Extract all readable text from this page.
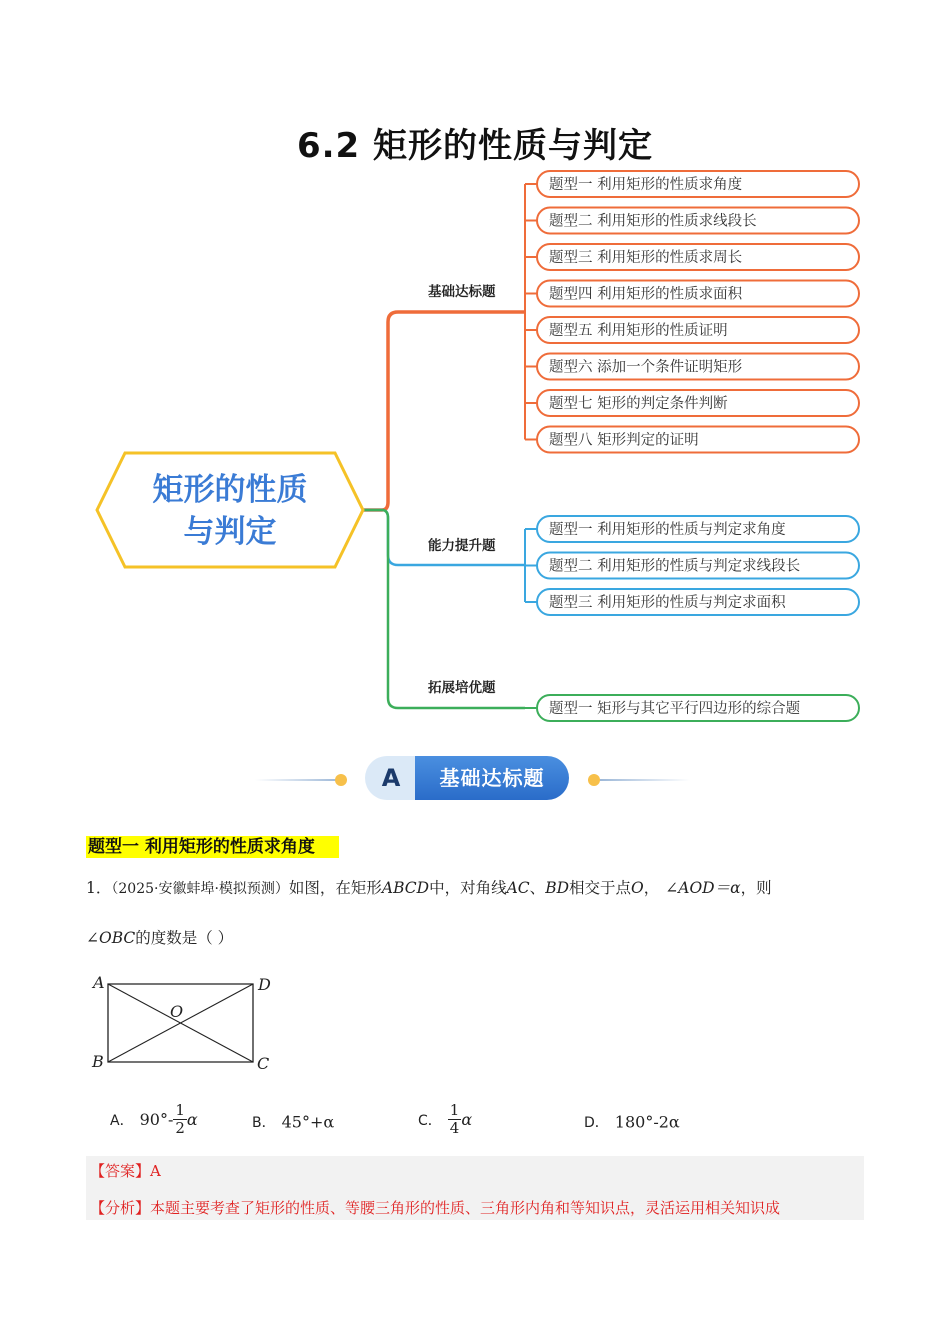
6.2 矩形的性质与判定
基础达标题
题型一 利用矩形的性质求角度
题型二 利用矩形的性质求线段长
题型三 利用矩形的性质求周长
题型四 利用矩形的性质求面积
题型五 利用矩形的性质证明
题型六 添加一个条件证明矩形
题型七 矩形的判定条件判断
题型八 矩形判定的证明
能力提升题
题型一 利用矩形的性质与判定求角度
题型二 利用矩形的性质与判定求线段长
题型三 利用矩形的性质与判定求面积
拓展培优题
题型一 矩形与其它平行四边形的综合题
矩形的性质
与判定
A	基础达标题
题型一 利用矩形的性质求角度
1．（2025·安徽蚌埠·模拟预测）如图，在矩形ABCD中，对角线AC、BD相交于点O， ∠AOD＝α，则
∠OBC的度数是（ ）
A	D
O
B	C
A． $90^\circ- \frac{1}{2}$ α	B． 45°+α	C． $\frac{1}{4}$ α	D． 180°-2α
【答案】A
【分析】本题主要考查了矩形的性质、等腰三角形的性质、三角形内角和等知识点，灵活运用相关知识成
